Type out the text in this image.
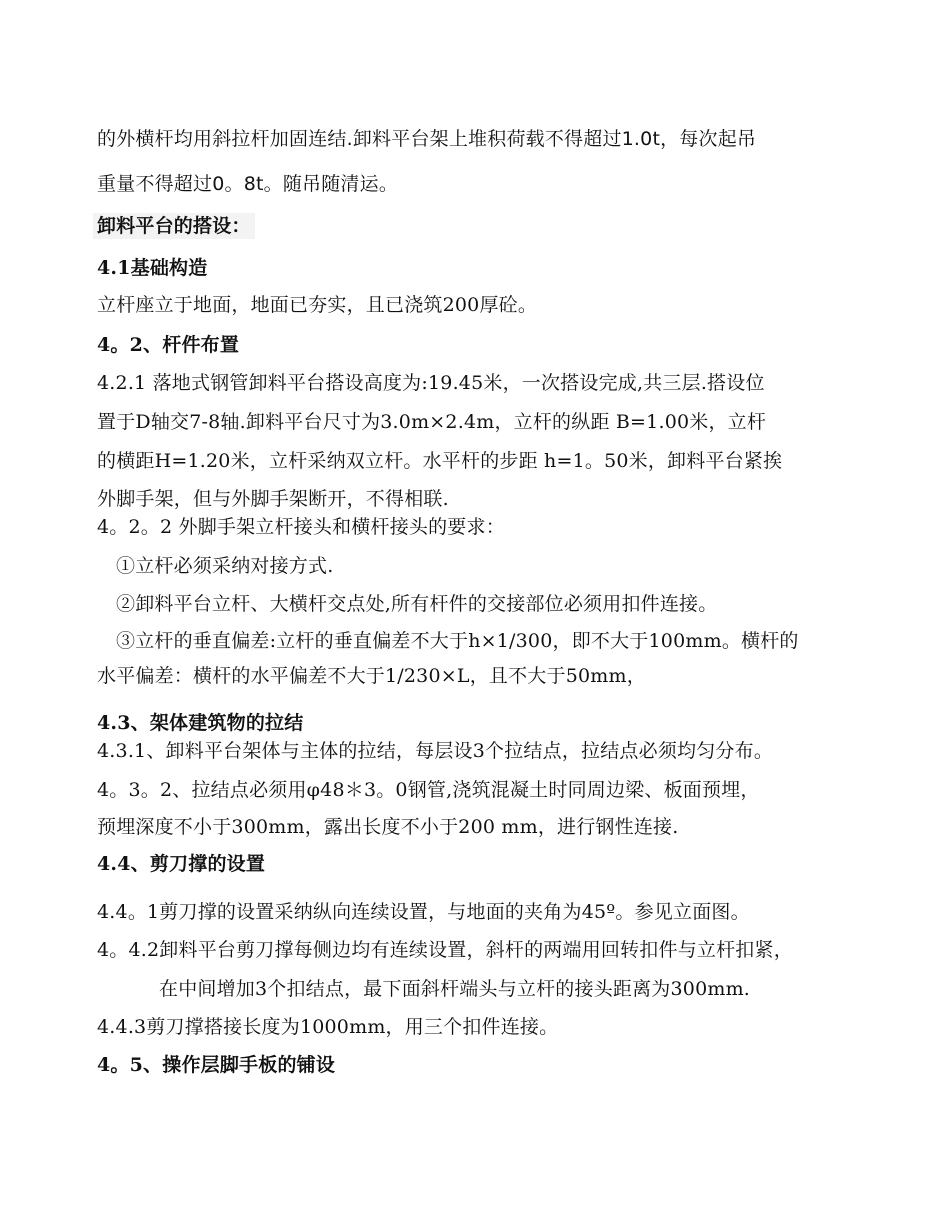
的外横杆均用斜拉杆加固连结.卸料平台架上堆积荷载不得超过1.0t，每次起吊
重量不得超过0。8t。随吊随清运。
卸料平台的搭设：
4.1基础构造
立杆座立于地面，地面已夯实，且已浇筑200厚砼。
4。2、杆件布置
4.2.1 落地式钢管卸料平台搭设高度为:19.45米，一次搭设完成,共三层.搭设位
置于D轴交7-8轴.卸料平台尺寸为3.0m×2.4m，立杆的纵距 B=1.00米，立杆
的横距H=1.20米，立杆采纳双立杆。水平杆的步距 h=1。50米，卸料平台紧挨
外脚手架，但与外脚手架断开，不得相联.
4。2。2 外脚手架立杆接头和横杆接头的要求：
①立杆必须采纳对接方式.
②卸料平台立杆、大横杆交点处,所有杆件的交接部位必须用扣件连接。
③立杆的垂直偏差:立杆的垂直偏差不大于h×1/300，即不大于100mm。横杆的
水平偏差：横杆的水平偏差不大于1/230×L，且不大于50mm，
4.3、架体建筑物的拉结
4.3.1、卸料平台架体与主体的拉结，每层设3个拉结点，拉结点必须均匀分布。
4。3。2、拉结点必须用φ48＊3。0钢管,浇筑混凝土时同周边梁、板面预埋，
预埋深度不小于300mm，露出长度不小于200 mm，进行钢性连接.
4.4、剪刀撑的设置
4.4。1剪刀撑的设置采纳纵向连续设置，与地面的夹角为45º。参见立面图。
4。4.2卸料平台剪刀撑每侧边均有连续设置，斜杆的两端用回转扣件与立杆扣紧，
在中间增加3个扣结点，最下面斜杆端头与立杆的接头距离为300mm.
4.4.3剪刀撑搭接长度为1000mm，用三个扣件连接。
4。5、操作层脚手板的铺设
